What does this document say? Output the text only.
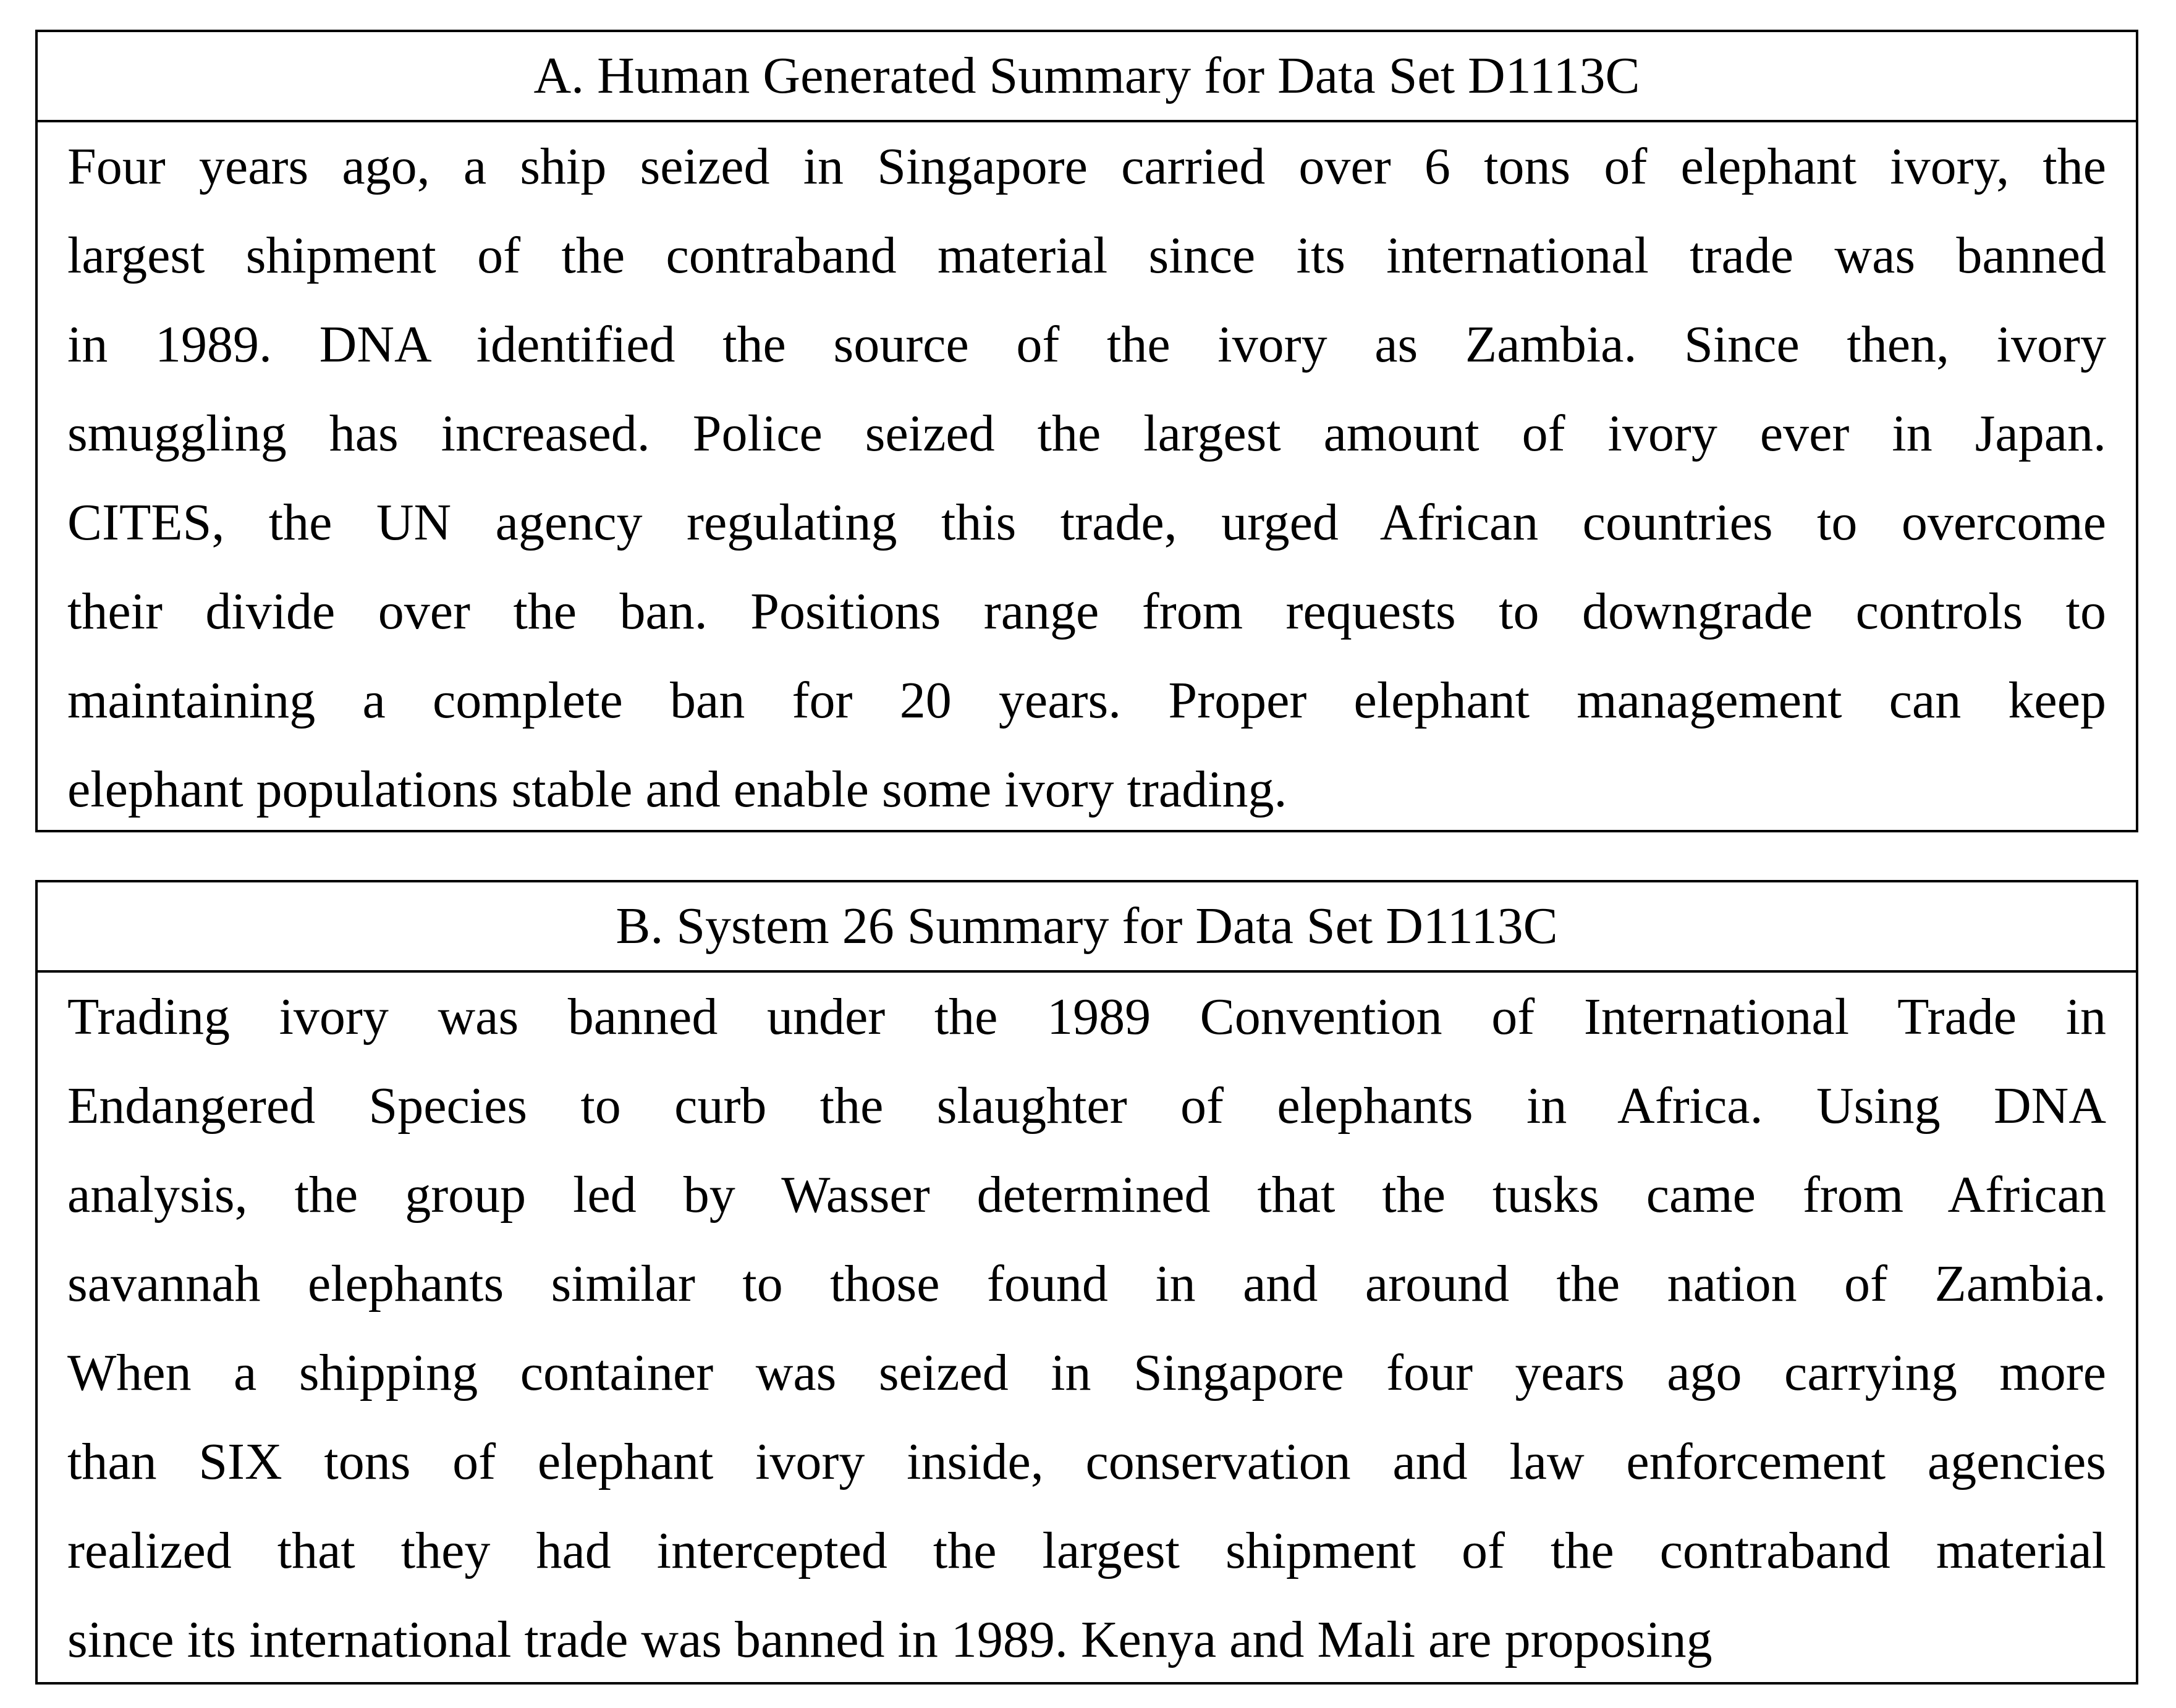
A. Human Generated Summary for Data Set D1113C
Four years ago, a ship seized in Singapore carried over 6 tons of elephant ivory, the
largest shipment of the contraband material since its international trade was banned
in 1989. DNA identified the source of the ivory as Zambia. Since then, ivory
smuggling has increased. Police seized the largest amount of ivory ever in Japan.
CITES, the UN agency regulating this trade, urged African countries to overcome
their divide over the ban. Positions range from requests to downgrade controls to
maintaining a complete ban for 20 years. Proper elephant management can keep
elephant populations stable and enable some ivory trading.
B. System 26 Summary for Data Set D1113C
Trading ivory was banned under the 1989 Convention of International Trade in
Endangered Species to curb the slaughter of elephants in Africa. Using DNA
analysis, the group led by Wasser determined that the tusks came from African
savannah elephants similar to those found in and around the nation of Zambia.
When a shipping container was seized in Singapore four years ago carrying more
than SIX tons of elephant ivory inside, conservation and law enforcement agencies
realized that they had intercepted the largest shipment of the contraband material
since its international trade was banned in 1989. Kenya and Mali are proposing
